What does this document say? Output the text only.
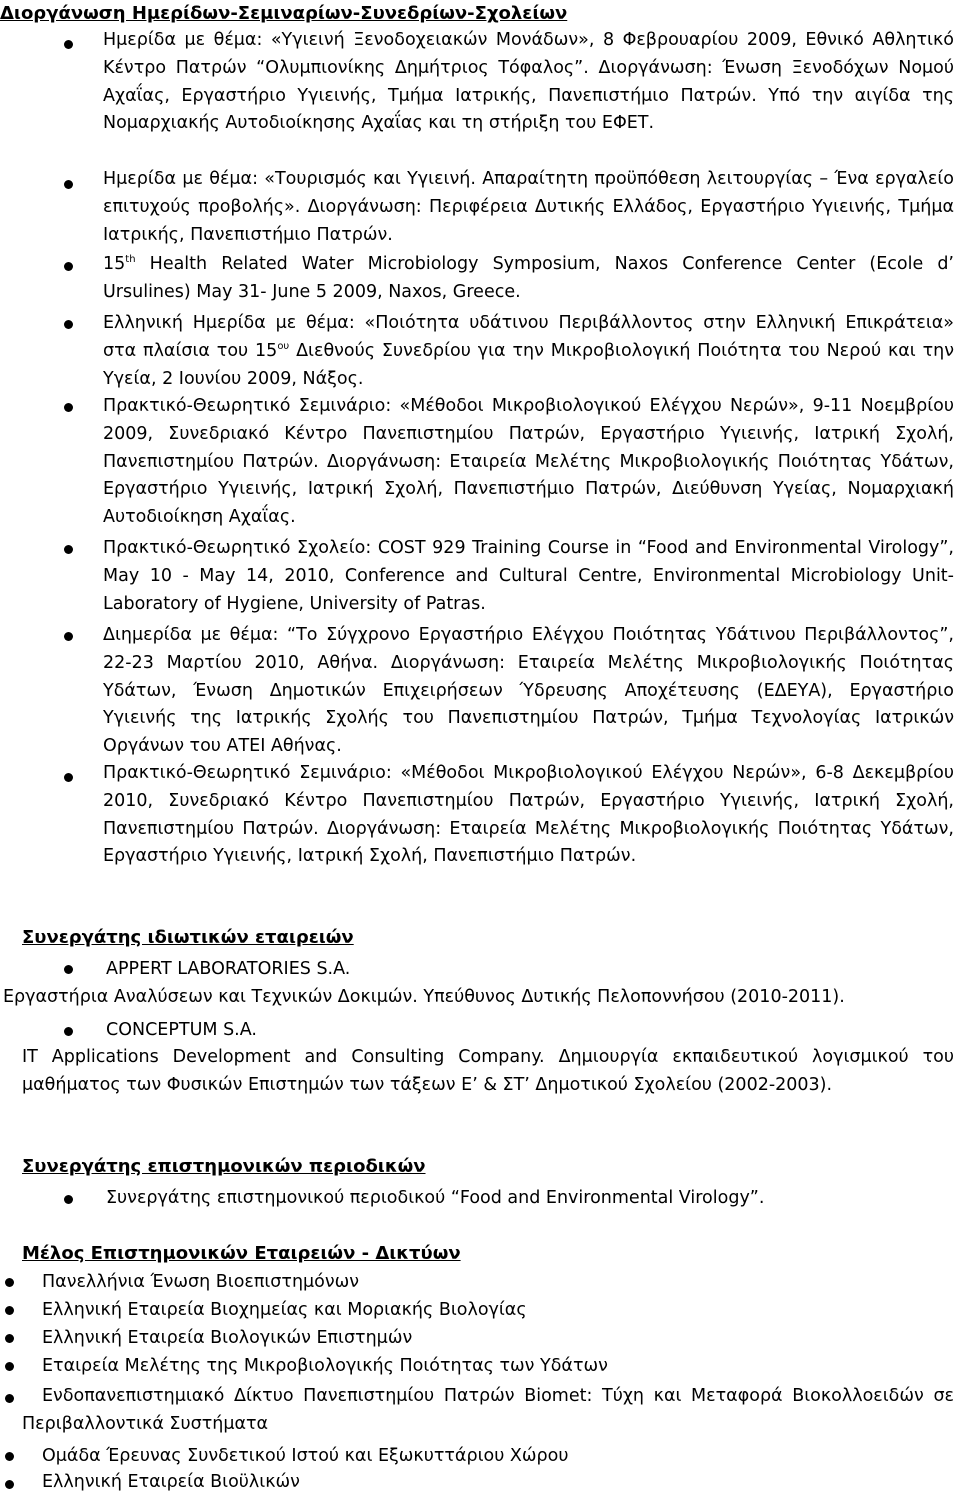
Διοργάνωση Ημερίδων-Σεμιναρίων-Συνεδρίων-Σχολείων

Ημερίδα με θέμα: «Υγιεινή Ξενοδοχειακών Μονάδων», 8 Φεβρουαρίου 2009, Εθνικό Αθλητικό Κέντρο Πατρών “Ολυμπιονίκης Δημήτριος Τόφαλος”. Διοργάνωση: Ένωση Ξενοδόχων Νομού Αχαΐας, Εργαστήριο Υγιεινής, Τμήμα Ιατρικής, Πανεπιστήμιο Πατρών. Υπό την αιγίδα της Νομαρχιακής Αυτοδιοίκησης Αχαΐας και τη στήριξη του ΕΦΕΤ.

Ημερίδα με θέμα: «Τουρισμός και Υγιεινή. Απαραίτητη προϋπόθεση λειτουργίας – Ένα εργαλείο επιτυχούς προβολής». Διοργάνωση: Περιφέρεια Δυτικής Ελλάδος, Εργαστήριο Υγιεινής, Τμήμα Ιατρικής, Πανεπιστήμιο Πατρών.

15th Health Related Water Microbiology Symposium, Naxos Conference Center (Ecole d’ Ursulines) May 31- June 5 2009, Naxos, Greece.

Ελληνική Ημερίδα με θέμα: «Ποιότητα υδάτινου Περιβάλλοντος στην Ελληνική Επικράτεια» στα πλαίσια του $15^{o\upsilon}$ Διεθνούς Συνεδρίου για την Μικροβιολογική Ποιότητα του Νερού και την Υγεία, 2 Ιουνίου 2009, Νάξος.

Πρακτικό-Θεωρητικό Σεμινάριο: «Μέθοδοι Μικροβιολογικού Ελέγχου Νερών», 9-11 Νοεμβρίου 2009, Συνεδριακό Κέντρο Πανεπιστημίου Πατρών, Εργαστήριο Υγιεινής, Ιατρική Σχολή, Πανεπιστημίου Πατρών. Διοργάνωση: Εταιρεία Μελέτης Μικροβιολογικής Ποιότητας Υδάτων, Εργαστήριο Υγιεινής, Ιατρική Σχολή, Πανεπιστήμιο Πατρών, Διεύθυνση Υγείας, Νομαρχιακή Αυτοδιοίκηση Αχαΐας.

Πρακτικό-Θεωρητικό Σχολείο: COST 929 Training Course in “Food and Environmental Virology”, May 10 - May 14, 2010, Conference and Cultural Centre, Environmental Microbiology Unit-Laboratory of Hygiene, University of Patras.

Διημερίδα με θέμα: “Το Σύγχρονο Εργαστήριο Ελέγχου Ποιότητας Υδάτινου Περιβάλλοντος”, 22-23 Μαρτίου 2010, Αθήνα. Διοργάνωση: Εταιρεία Μελέτης Μικροβιολογικής Ποιότητας Υδάτων, Ένωση Δημοτικών Επιχειρήσεων Ύδρευσης Αποχέτευσης (ΕΔΕΥΑ), Εργαστήριο Υγιεινής της Ιατρικής Σχολής του Πανεπιστημίου Πατρών, Τμήμα Τεχνολογίας Ιατρικών Οργάνων του ΑΤΕΙ Αθήνας.

Πρακτικό-Θεωρητικό Σεμινάριο: «Μέθοδοι Μικροβιολογικού Ελέγχου Νερών», 6-8 Δεκεμβρίου 2010, Συνεδριακό Κέντρο Πανεπιστημίου Πατρών, Εργαστήριο Υγιεινής, Ιατρική Σχολή, Πανεπιστημίου Πατρών. Διοργάνωση: Εταιρεία Μελέτης Μικροβιολογικής Ποιότητας Υδάτων, Εργαστήριο Υγιεινής, Ιατρική Σχολή, Πανεπιστήμιο Πατρών.

Συνεργάτης ιδιωτικών εταιρειών

APPERT LABORATORIES S.A.

Εργαστήρια Αναλύσεων και Τεχνικών Δοκιμών. Υπεύθυνος Δυτικής Πελοποννήσου (2010-2011).

CONCEPTUM S.A.

IT Applications Development and Consulting Company. Δημιουργία εκπαιδευτικού λογισμικού του μαθήματος των Φυσικών Επιστημών των τάξεων Ε’ & ΣΤ’ Δημοτικού Σχολείου (2002-2003).

Συνεργάτης επιστημονικών περιοδικών

Συνεργάτης επιστημονικού περιοδικού “Food and Environmental Virology”.

Μέλος Επιστημονικών Εταιρειών - Δικτύων

Πανελλήνια Ένωση Βιοεπιστημόνων

Ελληνική Εταιρεία Βιοχημείας και Μοριακής Βιολογίας

Ελληνική Εταιρεία Βιολογικών Επιστημών

Εταιρεία Μελέτης της Μικροβιολογικής Ποιότητας των Υδάτων

Ενδοπανεπιστημιακό Δίκτυο Πανεπιστημίου Πατρών Biomet: Τύχη και Μεταφορά Βιοκολλοειδών σε Περιβαλλοντικά Συστήματα

Ομάδα Έρευνας Συνδετικού Ιστού και Εξωκυττάριου Χώρου

Ελληνική Εταιρεία Βιοϋλικών
